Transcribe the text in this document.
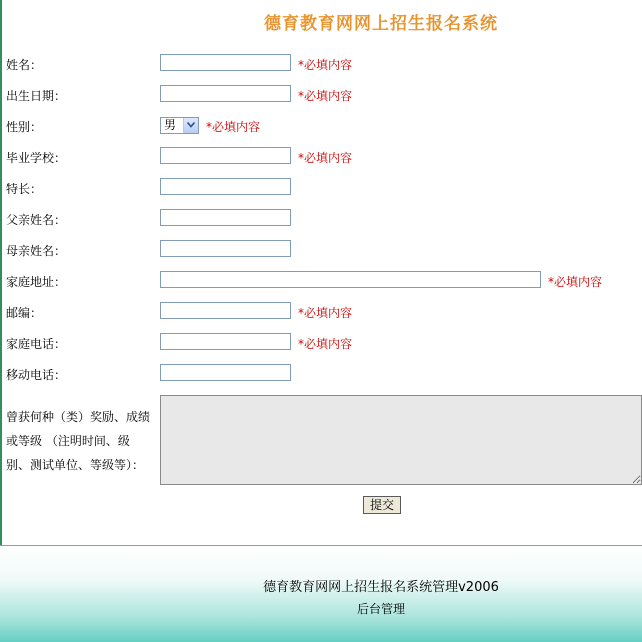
德育教育网网上招生报名系统
姓名：	*必填内容
出生日期：	*必填内容
性别：	男 *必填内容
毕业学校：	*必填内容
特长：
父亲姓名：
母亲姓名：
家庭地址：	*必填内容
邮编：	*必填内容
家庭电话：	*必填内容
移动电话：
曾获何种（类）奖励、成绩
或等级 （注明时间、级
别、测试单位、等级等）：
提交
德育教育网网上招生报名系统管理v2006
后台管理
